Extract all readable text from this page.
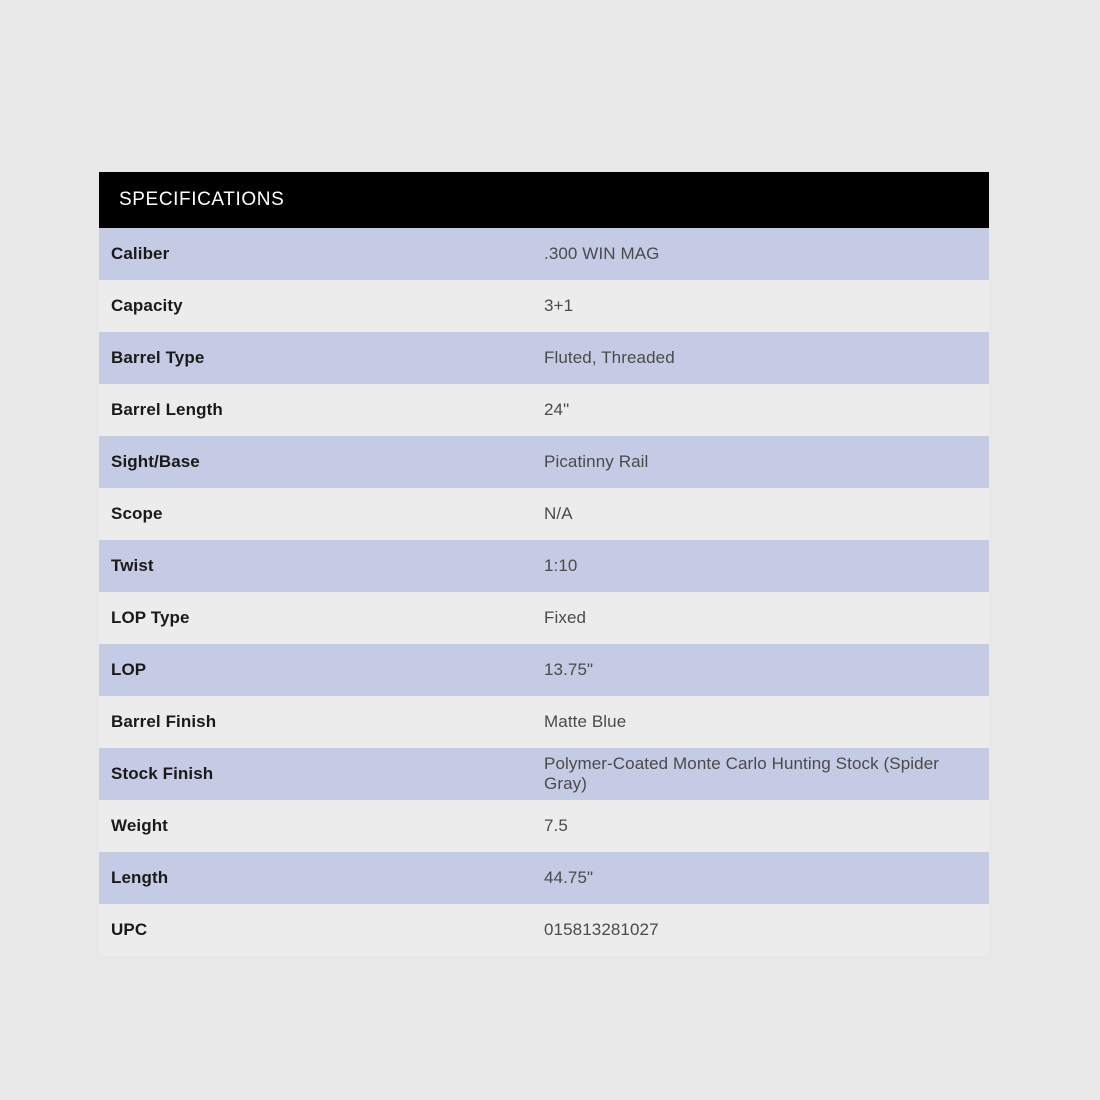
SPECIFICATIONS	
Caliber	.300 WIN MAG
Capacity	3+1
Barrel Type	Fluted, Threaded
Barrel Length	24"
Sight/Base	Picatinny Rail
Scope	N/A
Twist	1:10
LOP Type	Fixed
LOP	13.75"
Barrel Finish	Matte Blue
Stock Finish	Polymer-Coated Monte Carlo Hunting Stock (Spider Gray)
Weight	7.5
Length	44.75"
UPC	015813281027
